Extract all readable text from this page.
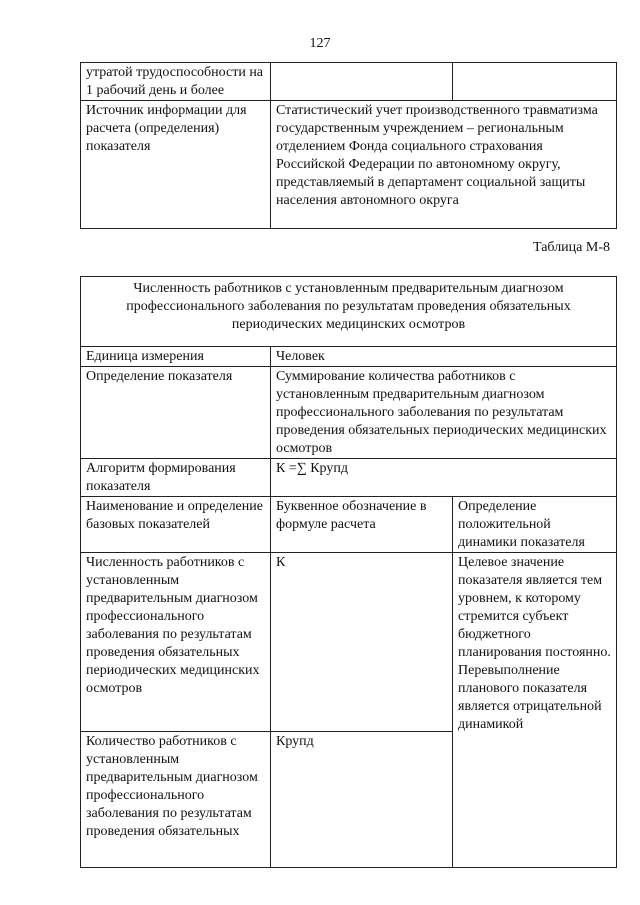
127
утратой трудоспособности на 1 рабочий день и более		
Источник информации для расчета (определения) показателя	Статистический учет производственного травматизма государственным учреждением – региональным отделением Фонда социального страхования Российской Федерации по автономному округу, представляемый в департамент социальной защиты населения автономного округа	
Таблица М-8
Численность работников с установленным предварительным диагнозом профессионального заболевания по результатам проведения обязательных периодических медицинских осмотров		
Единица измерения	Человек	
Определение показателя	Суммирование количества работников с установленным предварительным диагнозом профессионального заболевания по результатам проведения обязательных периодических медицинских осмотров	
Алгоритм формирования показателя	К =∑ Крупд	
Наименование и определение базовых показателей	Буквенное обозначение в формуле расчета	Определение положительной динамики показателя
Численность работников с установленным предварительным диагнозом профессионального заболевания по результатам проведения обязательных периодических медицинских осмотров	К	Целевое значение показателя является тем уровнем, к которому стремится субъект бюджетного планирования постоянно. Перевыполнение планового показателя является отрицательной динамикой
Количество работников с установленным предварительным диагнозом профессионального заболевания по результатам проведения обязательных	Крупд	
